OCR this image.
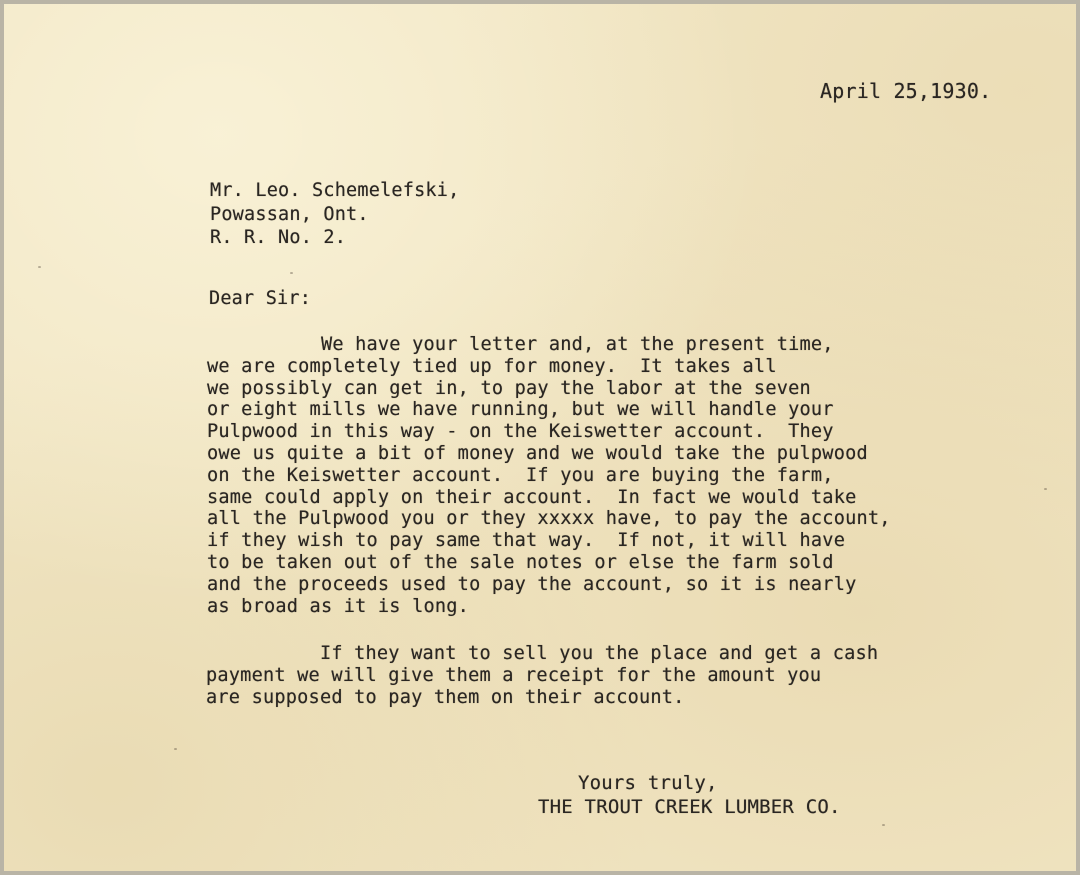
April 25,1930.
Mr. Leo. Schemelefski,
Powassan, Ont.
R. R. No. 2.
Dear Sir:
We have your letter and, at the present time,
we are completely tied up for money.  It takes all
we possibly can get in, to pay the labor at the seven
or eight mills we have running, but we will handle your
Pulpwood in this way - on the Keiswetter account.  They
owe us quite a bit of money and we would take the pulpwood
on the Keiswetter account.  If you are buying the farm,
same could apply on their account.  In fact we would take
all the Pulpwood you or they xxxxx have, to pay the account,
if they wish to pay same that way.  If not, it will have
to be taken out of the sale notes or else the farm sold
and the proceeds used to pay the account, so it is nearly
as broad as it is long.
If they want to sell you the place and get a cash
payment we will give them a receipt for the amount you
are supposed to pay them on their account.
Yours truly,
THE TROUT CREEK LUMBER CO.
